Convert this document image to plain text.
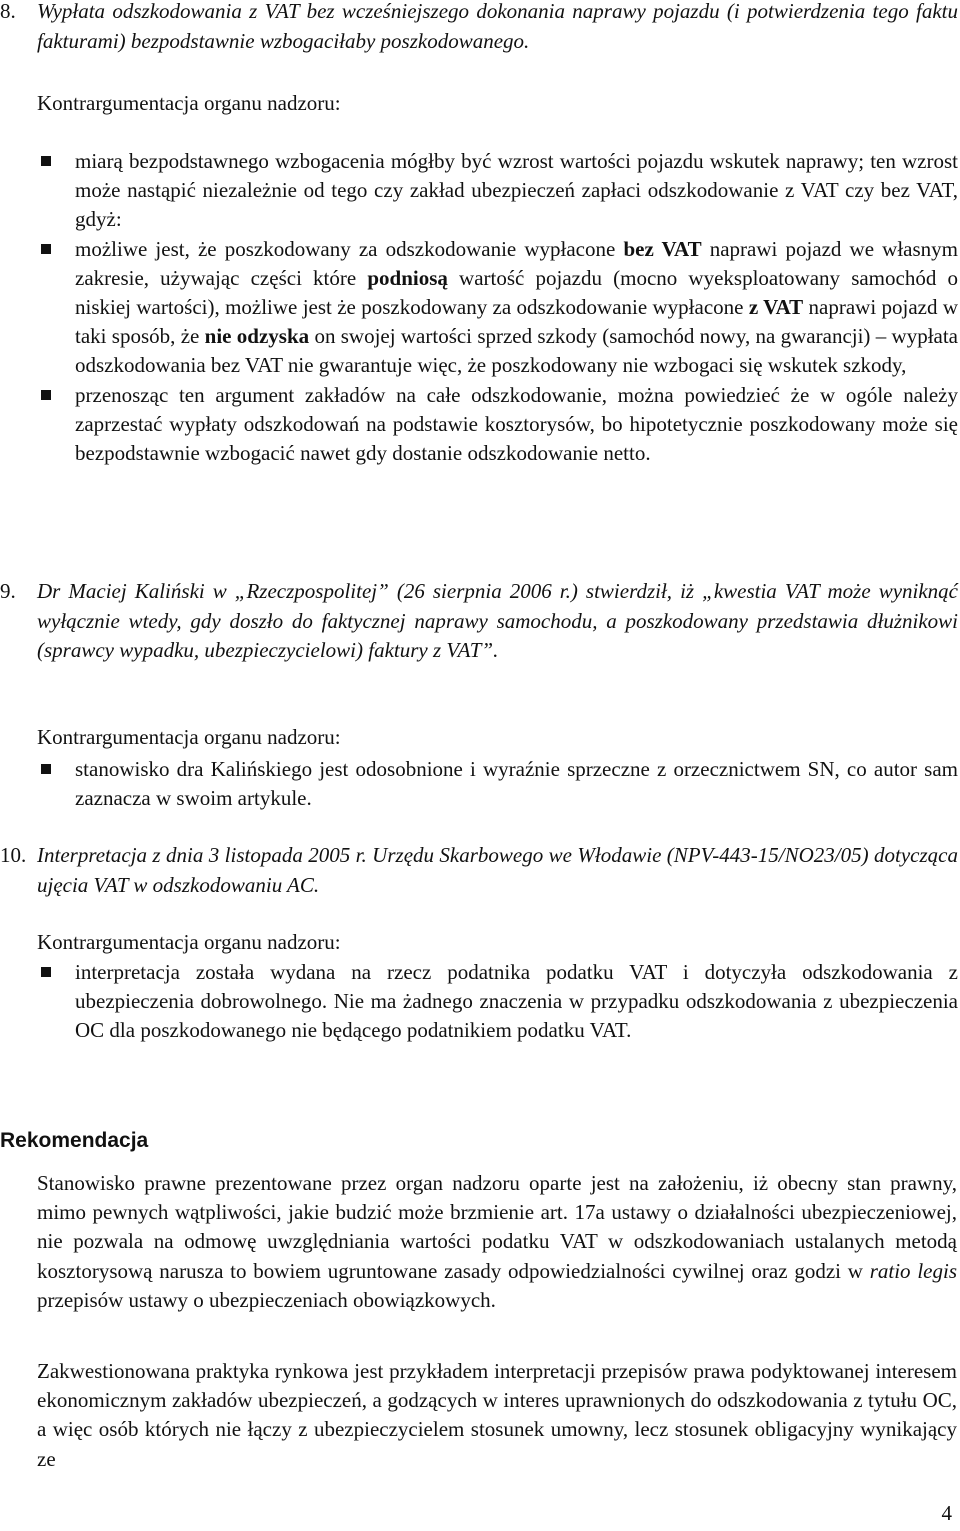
8. Wypłata odszkodowania z VAT bez wcześniejszego dokonania naprawy pojazdu (i potwierdzenia tego faktu fakturami) bezpodstawnie wzbogaciłaby poszkodowanego.
Kontrargumentacja organu nadzoru:
miarą bezpodstawnego wzbogacenia mógłby być wzrost wartości pojazdu wskutek naprawy; ten wzrost może nastąpić niezależnie od tego czy zakład ubezpieczeń zapłaci odszkodowanie z VAT czy bez VAT, gdyż:
możliwe jest, że poszkodowany za odszkodowanie wypłacone bez VAT naprawi pojazd we własnym zakresie, używając części które podniosą wartość pojazdu (mocno wyeksploatowany samochód o niskiej wartości), możliwe jest że poszkodowany za odszkodowanie wypłacone z VAT naprawi pojazd w taki sposób, że nie odzyska on swojej wartości sprzed szkody (samochód nowy, na gwarancji) – wypłata odszkodowania bez VAT nie gwarantuje więc, że poszkodowany nie wzbogaci się wskutek szkody,
przenosząc ten argument zakładów na całe odszkodowanie, można powiedzieć że w ogóle należy zaprzestać wypłaty odszkodowań na podstawie kosztorysów, bo hipotetycznie poszkodowany może się bezpodstawnie wzbogacić nawet gdy dostanie odszkodowanie netto.
9. Dr Maciej Kaliński w „Rzeczpospolitej” (26 sierpnia 2006 r.) stwierdził, iż „kwestia VAT może wyniknąć wyłącznie wtedy, gdy doszło do faktycznej naprawy samochodu, a poszkodowany przedstawia dłużnikowi (sprawcy wypadku, ubezpieczycielowi) faktury z VAT”.
Kontrargumentacja organu nadzoru:
stanowisko dra Kalińskiego jest odosobnione i wyraźnie sprzeczne z orzecznictwem SN, co autor sam zaznacza w swoim artykule.
10. Interpretacja z dnia 3 listopada 2005 r. Urzędu Skarbowego we Włodawie (NPV-443-15/NO23/05) dotycząca ujęcia VAT w odszkodowaniu AC.
Kontrargumentacja organu nadzoru:
interpretacja została wydana na rzecz podatnika podatku VAT i dotyczyła odszkodowania z ubezpieczenia dobrowolnego. Nie ma żadnego znaczenia w przypadku odszkodowania z ubezpieczenia OC dla poszkodowanego nie będącego podatnikiem podatku VAT.
Rekomendacja

Stanowisko prawne prezentowane przez organ nadzoru oparte jest na założeniu, iż obecny stan prawny, mimo pewnych wątpliwości, jakie budzić może brzmienie art. 17a ustawy o działalności ubezpieczeniowej, nie pozwala na odmowę uwzględniania wartości podatku VAT w odszkodowaniach ustalanych metodą kosztorysową narusza to bowiem ugruntowane zasady odpowiedzialności cywilnej oraz godzi w ratio legis przepisów ustawy o ubezpieczeniach obowiązkowych.

Zakwestionowana praktyka rynkowa jest przykładem interpretacji przepisów prawa podyktowanej interesem ekonomicznym zakładów ubezpieczeń, a godzących w interes uprawnionych do odszkodowania z tytułu OC, a więc osób których nie łączy z ubezpieczycielem stosunek umowny, lecz stosunek obligacyjny wynikający ze

4
